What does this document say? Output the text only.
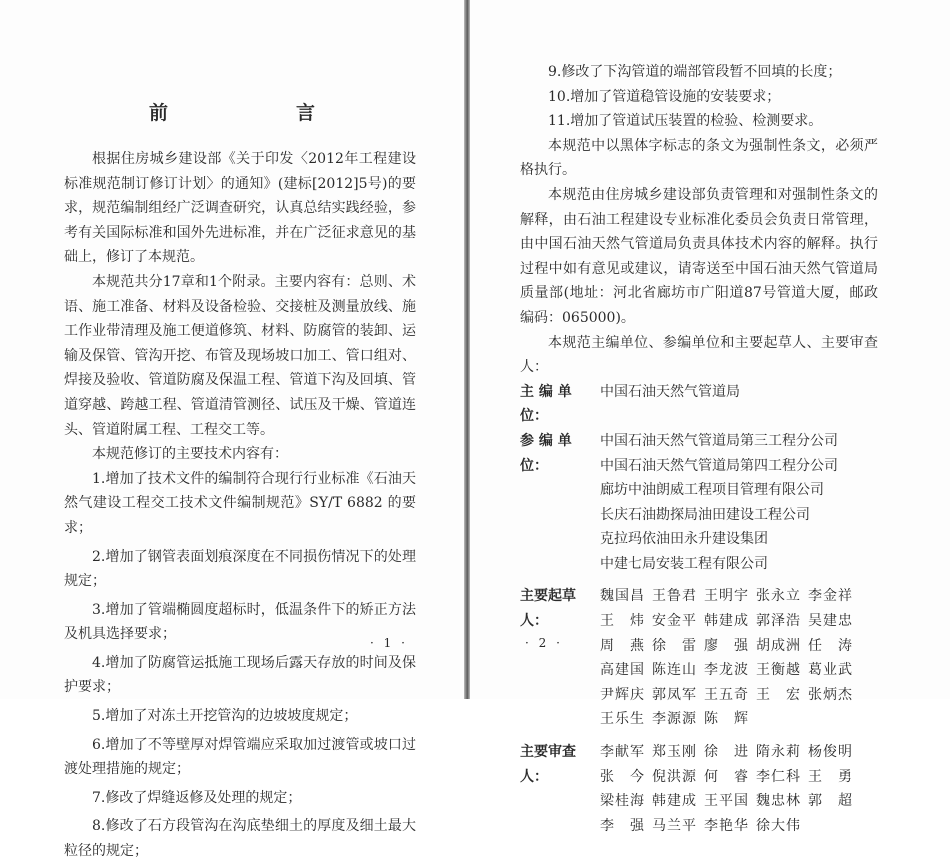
前　　言

根据住房城乡建设部《关于印发〈2012年工程建设标准规范制订修订计划〉的通知》(建标[2012]5号)的要求，规范编制组经广泛调查研究，认真总结实践经验，参考有关国际标准和国外先进标准，并在广泛征求意见的基础上，修订了本规范。

本规范共分17章和1个附录。主要内容有：总则、术语、施工准备、材料及设备检验、交接桩及测量放线、施工作业带清理及施工便道修筑、材料、防腐管的装卸、运输及保管、管沟开挖、布管及现场坡口加工、管口组对、焊接及验收、管道防腐及保温工程、管道下沟及回填、管道穿越、跨越工程、管道清管测径、试压及干燥、管道连头、管道附属工程、工程交工等。

本规范修订的主要技术内容有：

1.增加了技术文件的编制符合现行行业标准《石油天然气建设工程交工技术文件编制规范》SY/T 6882 的要求；

2.增加了钢管表面划痕深度在不同损伤情况下的处理规定；

3.增加了管端椭圆度超标时，低温条件下的矫正方法及机具选择要求；

4.增加了防腐管运抵施工现场后露天存放的时间及保护要求；

5.增加了对冻土开挖管沟的边坡坡度规定；

6.增加了不等壁厚对焊管端应采取加过渡管或坡口过渡处理措施的规定；

7.修改了焊缝返修及处理的规定；

8.修改了石方段管沟在沟底垫细土的厚度及细土最大粒径的规定；

· 1 ·

9.修改了下沟管道的端部管段暂不回填的长度；

10.增加了管道稳管设施的安装要求；

11.增加了管道试压装置的检验、检测要求。

本规范中以黑体字标志的条文为强制性条文，必须严格执行。

本规范由住房城乡建设部负责管理和对强制性条文的解释，由石油工程建设专业标准化委员会负责日常管理，由中国石油天然气管道局负责具体技术内容的解释。执行过程中如有意见或建议，请寄送至中国石油天然气管道局质量部(地址：河北省廊坊市广阳道87号管道大厦，邮政编码：065000)。

本规范主编单位、参编单位和主要起草人、主要审查人：

主 编 单 位：
中国石油天然气管道局
参 编 单 位：
中国石油天然气管道局第三工程分公司
中国石油天然气管道局第四工程分公司
廊坊中油朗威工程项目管理有限公司
长庆石油勘探局油田建设工程公司
克拉玛依油田永升建设集团
中建七局安装工程有限公司
主要起草人：
魏国昌 王鲁君 王明宇 张永立 李金祥
王　炜 安金平 韩建成 郭泽浩 吴建忠
周　燕 徐　雷 廖　强 胡成洲 任　涛
高建国 陈连山 李龙波 王衡越 葛业武
尹辉庆 郭凤军 王五奇 王　宏 张炳杰
王乐生 李源源 陈　辉
主要审查人：
李献军 郑玉刚 徐　进 隋永莉 杨俊明
张　今 倪洪源 何　睿 李仁科 王　勇
梁桂海 韩建成 王平国 魏忠林 郭　超
李　强 马兰平 李艳华 徐大伟
· 2 ·
